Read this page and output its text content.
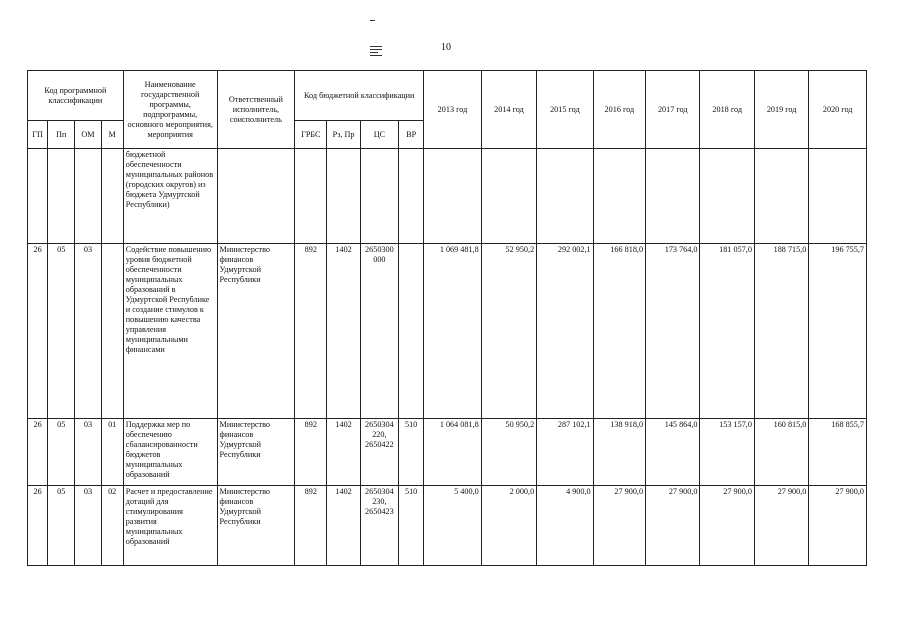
10
Код программной классификации				Наименование государственной программы, подпрограммы, основного мероприятия, мероприятия	Ответственный исполнитель, соисполнитель	Код бюджетной классификации				2013 год	2014 год	2015 год	2016 год	2017 год	2018 год	2019 год	2020 год
ГП	Пп	ОМ	М			ГРБС	Рз, Пр	ЦС	ВР								
				бюджетной обеспеченности муниципальных районов (городских округов) из бюджета Удмуртской Республики)													
26	05	03		Содействие повышению уровня бюджетной обеспеченности муниципальных образований в Удмуртской Республике и создание стимулов к повышению качества управления муниципальными финансами	Министерство финансов Удмуртской Республики	892	1402	2650300 000		1 069 481,8	52 950,2	292 002,1	166 818,0	173 764,0	181 057,0	188 715,0	196 755,7
26	05	03	01	Поддержка мер по обеспечению сбалансированности бюджетов муниципальных образований	Министерство финансов Удмуртской Республики	892	1402	2650304 220, 2650422	510	1 064 081,8	50 950,2	287 102,1	138 918,0	145 864,0	153 157,0	160 815,0	168 855,7
26	05	03	02	Расчет и предоставление дотаций для стимулирования развития муниципальных образований	Министерство финансов Удмуртской Республики	892	1402	2650304 230, 2650423	510	5 400,0	2 000,0	4 900,0	27 900,0	27 900,0	27 900,0	27 900,0	27 900,0
